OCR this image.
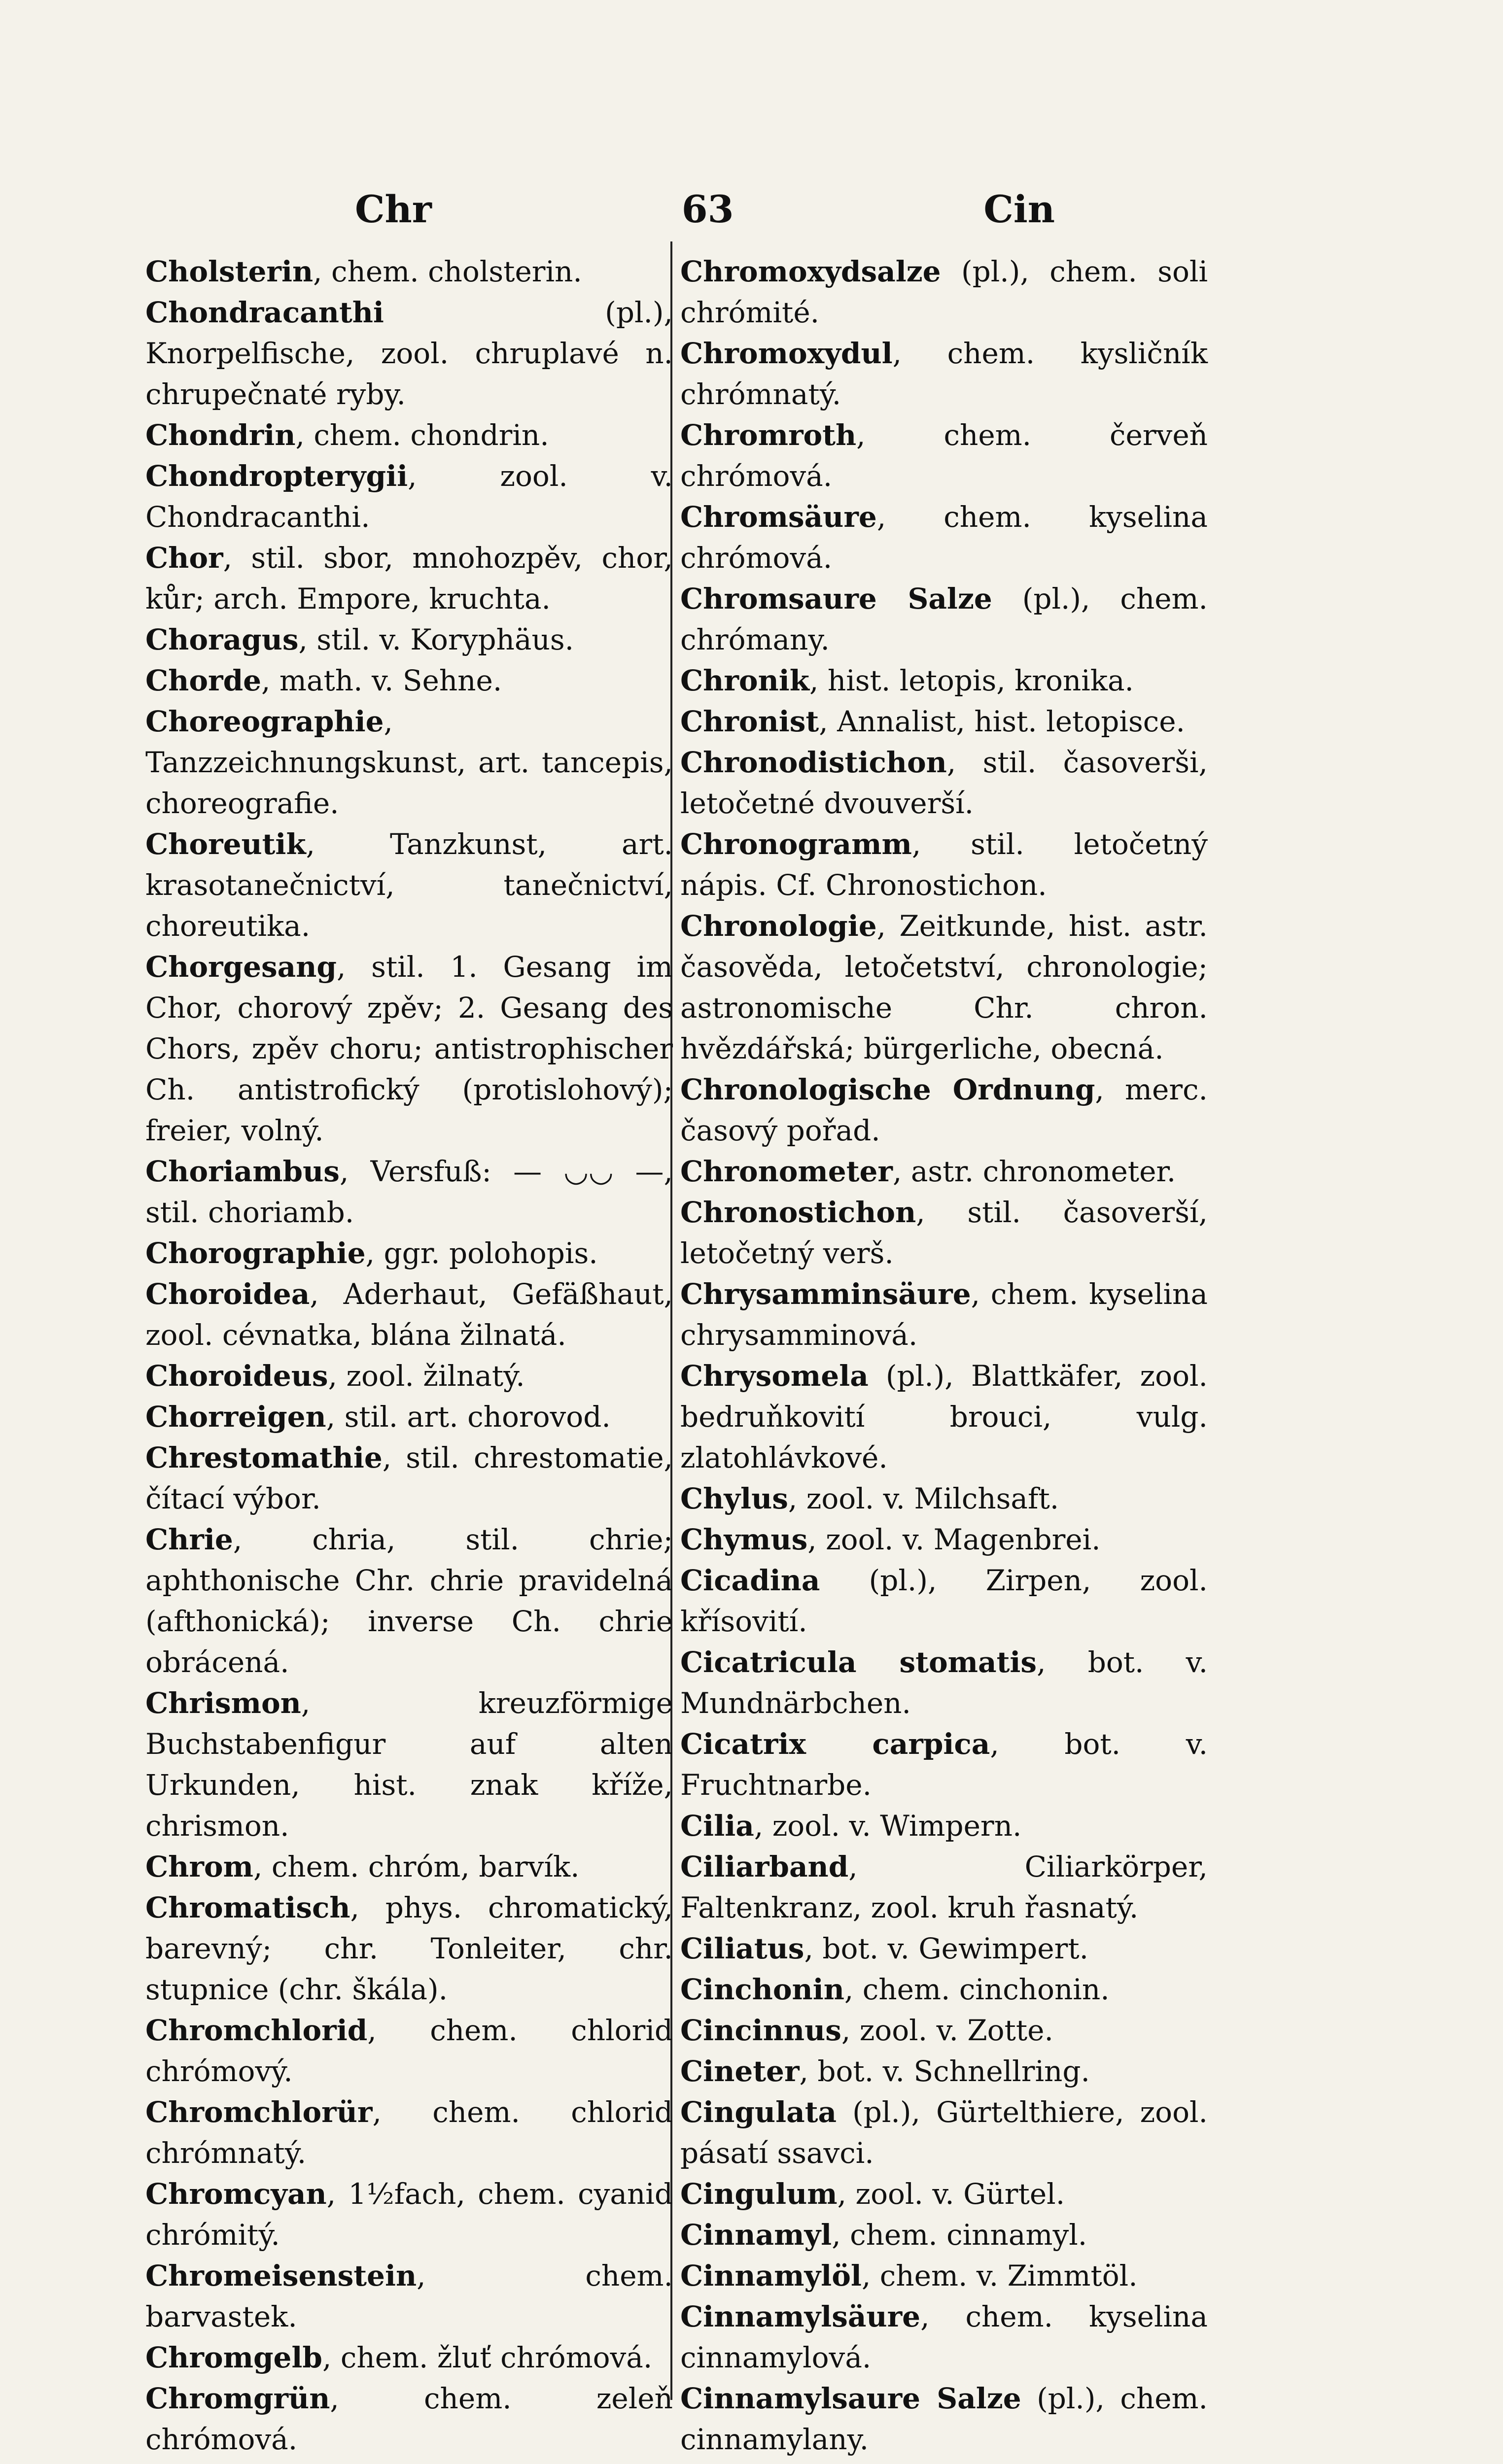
Chr	63	Cin
Cholsterin, chem. cholsterin.
Chondracanthi (pl.), Knorpelfische, zool. chruplavé n. chrupečnaté ryby.
Chondrin, chem. chondrin.
Chondropterygii, zool. v. Chondracanthi.
Chor, stil. sbor, mnohozpěv, chor, kůr; arch. Empore, kruchta.
Choragus, stil. v. Koryphäus.
Chorde, math. v. Sehne.
Choreographie, Tanzzeichnungskunst, art. tancepis, choreografie.
Choreutik, Tanzkunst, art. krasotanečnictví, tanečnictví, choreutika.
Chorgesang, stil. 1. Gesang im Chor, chorový zpěv; 2. Gesang des Chors, zpěv choru; antistrophischer Ch. antistrofický (protislohový); freier, volný.
Choriambus, Versfuß: — ◡◡ —, stil. choriamb.
Chorographie, ggr. polohopis.
Choroidea, Aderhaut, Gefäßhaut, zool. cévnatka, blána žilnatá.
Choroideus, zool. žilnatý.
Chorreigen, stil. art. chorovod.
Chrestomathie, stil. chrestomatie, čítací výbor.
Chrie, chria, stil. chrie; aphthonische Chr. chrie pravidelná (afthonická); inverse Ch. chrie obrácená.
Chrismon, kreuzförmige Buchstabenfigur auf alten Urkunden, hist. znak kříže, chrismon.
Chrom, chem. chróm, barvík.
Chromatisch, phys. chromatický, barevný; chr. Tonleiter, chr. stupnice (chr. škála).
Chromchlorid, chem. chlorid chrómový.
Chromchlorür, chem. chlorid chrómnatý.
Chromcyan, 1½fach, chem. cyanid chrómitý.
Chromeisenstein, chem. barvastek.
Chromgelb, chem. žluť chrómová.
Chromgrün, chem. zeleň chrómová.
Chromoxydsalze (pl.), chem. soli chrómité.
Chromoxydul, chem. kysličník chrómnatý.
Chromroth, chem. červeň chrómová.
Chromsäure, chem. kyselina chrómová.
Chromsaure Salze (pl.), chem. chrómany.
Chronik, hist. letopis, kronika.
Chronist, Annalist, hist. letopisce.
Chronodistichon, stil. časoverši, letočetné dvouverší.
Chronogramm, stil. letočetný nápis. Cf. Chronostichon.
Chronologie, Zeitkunde, hist. astr. časověda, letočetství, chronologie; astronomische Chr. chron. hvězdářská; bürgerliche, obecná.
Chronologische Ordnung, merc. časový pořad.
Chronometer, astr. chronometer.
Chronostichon, stil. časoverší, letočetný verš.
Chrysamminsäure, chem. kyselina chrysamminová.
Chrysomela (pl.), Blattkäfer, zool. bedruňkovití brouci, vulg. zlatohlávkové.
Chylus, zool. v. Milchsaft.
Chymus, zool. v. Magenbrei.
Cicadina (pl.), Zirpen, zool. křísovití.
Cicatricula stomatis, bot. v. Mundnärbchen.
Cicatrix carpica, bot. v. Fruchtnarbe.
Cilia, zool. v. Wimpern.
Ciliarband, Ciliarkörper, Faltenkranz, zool. kruh řasnatý.
Ciliatus, bot. v. Gewimpert.
Cinchonin, chem. cinchonin.
Cincinnus, zool. v. Zotte.
Cineter, bot. v. Schnellring.
Cingulata (pl.), Gürtelthiere, zool. pásatí ssavci.
Cingulum, zool. v. Gürtel.
Cinnamyl, chem. cinnamyl.
Cinnamylöl, chem. v. Zimmtöl.
Cinnamylsäure, chem. kyselina cinnamylová.
Cinnamylsaure Salze (pl.), chem. cinnamylany.
